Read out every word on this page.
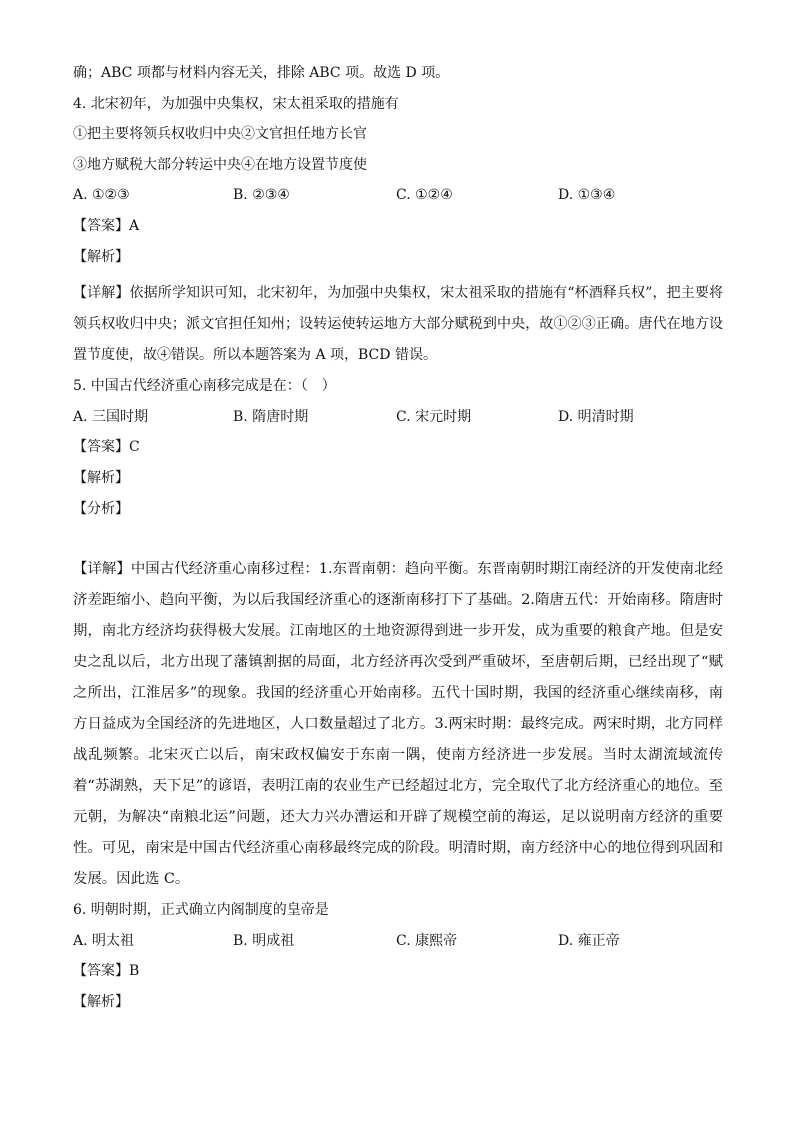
确；ABC 项都与材料内容无关，排除 ABC 项。故选 D 项。
4. 北宋初年，为加强中央集权，宋太祖采取的措施有
①把主要将领兵权收归中央②文官担任地方长官
③地方赋税大部分转运中央④在地方设置节度使
A. ①②③	B. ②③④	C. ①②④	D. ①③④
【答案】A
【解析】
【详解】依据所学知识可知，北宋初年，为加强中央集权，宋太祖采取的措施有“杯酒释兵权”，把主要将领兵权收归中央；派文官担任知州；设转运使转运地方大部分赋税到中央，故①②③正确。唐代在地方设置节度使，故④错误。所以本题答案为 A 项，BCD 错误。
5. 中国古代经济重心南移完成是在：（　）
A. 三国时期	B. 隋唐时期	C. 宋元时期	D. 明清时期
【答案】C
【解析】
【分析】
【详解】中国古代经济重心南移过程：1.东晋南朝：趋向平衡。东晋南朝时期江南经济的开发使南北经济差距缩小、趋向平衡，为以后我国经济重心的逐渐南移打下了基础。2.隋唐五代：开始南移。隋唐时期，南北方经济均获得极大发展。江南地区的土地资源得到进一步开发，成为重要的粮食产地。但是安史之乱以后，北方出现了藩镇割据的局面，北方经济再次受到严重破坏，至唐朝后期，已经出现了“赋之所出，江淮居多”的现象。我国的经济重心开始南移。五代十国时期，我国的经济重心继续南移，南方日益成为全国经济的先进地区，人口数量超过了北方。3.两宋时期：最终完成。两宋时期，北方同样战乱频繁。北宋灭亡以后，南宋政权偏安于东南一隅，使南方经济进一步发展。当时太湖流域流传着“苏湖熟，天下足”的谚语，表明江南的农业生产已经超过北方，完全取代了北方经济重心的地位。至元朝，为解决“南粮北运”问题，还大力兴办漕运和开辟了规模空前的海运，足以说明南方经济的重要性。可见，南宋是中国古代经济重心南移最终完成的阶段。明清时期，南方经济中心的地位得到巩固和发展。因此选 C。
6. 明朝时期，正式确立内阁制度的皇帝是
A. 明太祖	B. 明成祖	C. 康熙帝	D. 雍正帝
【答案】B
【解析】
